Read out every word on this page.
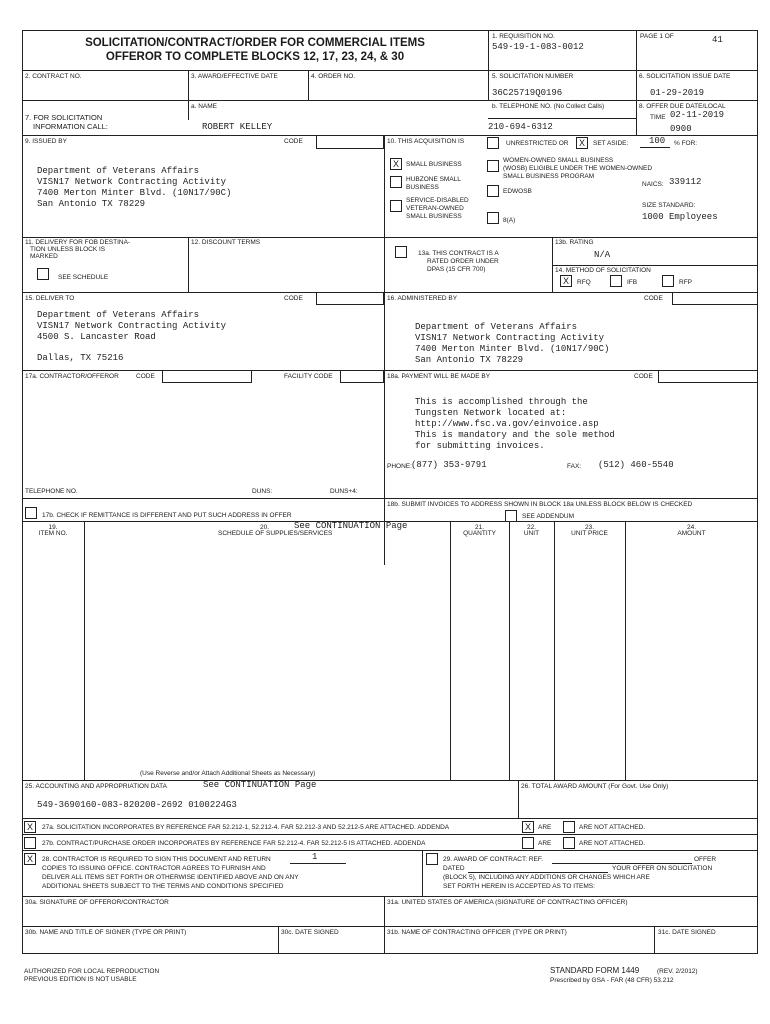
SOLICITATION/CONTRACT/ORDER FOR COMMERCIAL ITEMS
OFFEROR TO COMPLETE BLOCKS 12, 17, 23, 24, & 30
1. REQUISITION NO.
549-19-1-083-0012
PAGE 1 OF	41
2. CONTRACT NO.	3. AWARD/EFFECTIVE DATE	4. ORDER NO.	5. SOLICITATION NUMBER
36C25719Q0196
6. SOLICITATION ISSUE DATE
01-29-2019
7. FOR SOLICITATION
INFORMATION CALL:
a. NAME
ROBERT KELLEY
b. TELEPHONE NO. (No Collect Calls)
210-694-6312
8. OFFER DUE DATE/LOCAL
TIME 02-11-2019
0900
9. ISSUED BY	CODE
Department of Veterans Affairs
VISN17 Network Contracting Activity
7400 Merton Minter Blvd. (10N17/90C)
San Antonio TX 78229
10. THIS ACQUISITION IS	UNRESTRICTED OR	X	SET ASIDE: 100 % FOR:
X	SMALL BUSINESS
HUBZONE SMALL
BUSINESS
SERVICE-DISABLED
VETERAN-OWNED
SMALL BUSINESS
WOMEN-OWNED SMALL BUSINESS
(WOSB) ELIGIBLE UNDER THE WOMEN-OWNED
SMALL BUSINESS PROGRAM
EDWOSB
8(A)
NAICS: 339112
SIZE STANDARD:
1000 Employees
11. DELIVERY FOR FOB DESTINA-
TION UNLESS BLOCK IS
MARKED
SEE SCHEDULE
12. DISCOUNT TERMS
13a. THIS CONTRACT IS A
RATED ORDER UNDER
DPAS (15 CFR 700)
13b. RATING
N/A
14. METHOD OF SOLICITATION
X	RFQ	IFB	RFP
15. DELIVER TO	CODE
Department of Veterans Affairs
VISN17 Network Contracting Activity
4500 S. Lancaster Road
Dallas, TX 75216
16. ADMINISTERED BY	CODE
Department of Veterans Affairs
VISN17 Network Contracting Activity
7400 Merton Minter Blvd. (10N17/90C)
San Antonio TX 78229
17a. CONTRACTOR/OFFEROR	CODE	FACILITY CODE
TELEPHONE NO.	DUNS:	DUNS+4:
17b. CHECK IF REMITTANCE IS DIFFERENT AND PUT SUCH ADDRESS IN OFFER
18a. PAYMENT WILL BE MADE BY	CODE
This is accomplished through the
Tungsten Network located at:
http://www.fsc.va.gov/einvoice.asp
This is mandatory and the sole method
for submitting invoices.
PHONE: (877) 353-9791	FAX: (512) 460-5540
18b. SUBMIT INVOICES TO ADDRESS SHOWN IN BLOCK 18a UNLESS BLOCK BELOW IS CHECKED
SEE ADDENDUM
19.
ITEM NO.
20.
SCHEDULE OF SUPPLIES/SERVICES
See CONTINUATION Page	21.
QUANTITY
22.
UNIT
23.
UNIT PRICE
24.
AMOUNT
(Use Reverse and/or Attach Additional Sheets as Necessary)
25. ACCOUNTING AND APPROPRIATION DATA	See CONTINUATION Page
549-3690160-083-820200-2692 0100224G3
26. TOTAL AWARD AMOUNT (For Govt. Use Only)
X	27a. SOLICITATION INCORPORATES BY REFERENCE FAR 52.212-1, 52.212-4. FAR 52.212-3 AND 52.212-5 ARE ATTACHED. ADDENDA	X	ARE	ARE NOT ATTACHED.
27b. CONTRACT/PURCHASE ORDER INCORPORATES BY REFERENCE FAR 52.212-4. FAR 52.212-5 IS ATTACHED. ADDENDA	ARE	ARE NOT ATTACHED.
X	28. CONTRACTOR IS REQUIRED TO SIGN THIS DOCUMENT AND RETURN	1
COPIES TO ISSUING OFFICE. CONTRACTOR AGREES TO FURNISH AND
DELIVER ALL ITEMS SET FORTH OR OTHERWISE IDENTIFIED ABOVE AND ON ANY
ADDITIONAL SHEETS SUBJECT TO THE TERMS AND CONDITIONS SPECIFIED
29. AWARD OF CONTRACT: REF.	OFFER
DATED	YOUR OFFER ON SOLICITATION
(BLOCK 5), INCLUDING ANY ADDITIONS OR CHANGES WHICH ARE
SET FORTH HEREIN IS ACCEPTED AS TO ITEMS:
30a. SIGNATURE OF OFFEROR/CONTRACTOR	31a. UNITED STATES OF AMERICA (SIGNATURE OF CONTRACTING OFFICER)
30b. NAME AND TITLE OF SIGNER (TYPE OR PRINT)	30c. DATE SIGNED	31b. NAME OF CONTRACTING OFFICER (TYPE OR PRINT)	31c. DATE SIGNED
AUTHORIZED FOR LOCAL REPRODUCTION
PREVIOUS EDITION IS NOT USABLE
STANDARD FORM 1449	(REV. 2/2012)
Prescribed by GSA - FAR (48 CFR) 53.212
